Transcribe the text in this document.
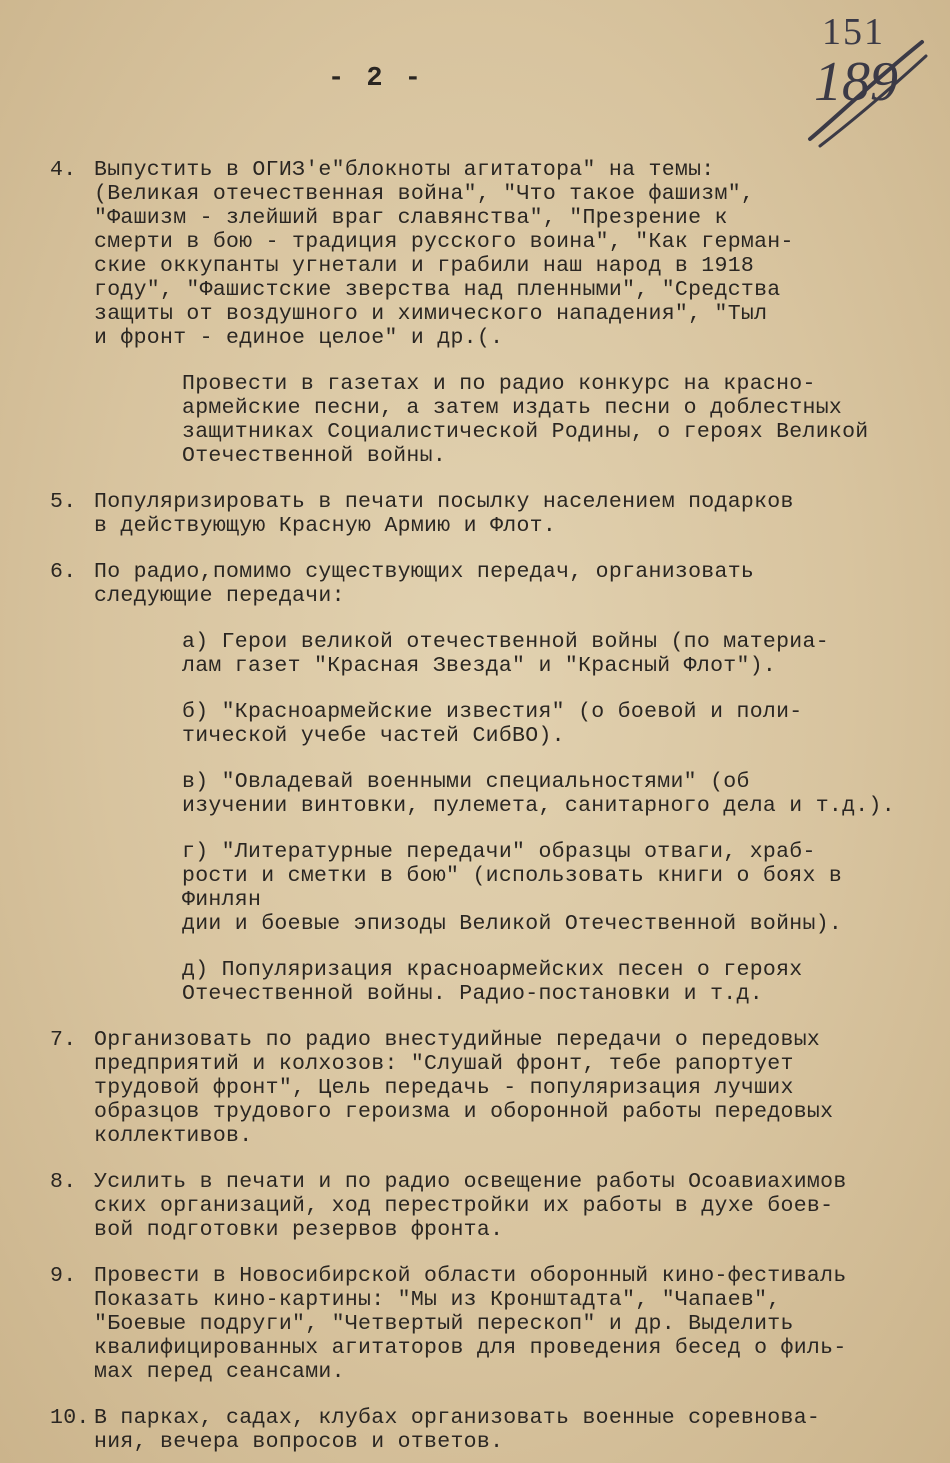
151
189
- 2 -
4. Выпустить в ОГИЗ'е"блокноты агитатора" на темы:
(Великая отечественная война", "Что такое фашизм",
"Фашизм - злейший враг славянства", "Презрение к
смерти в бою - традиция русского воина", "Как герман-
ские оккупанты угнетали и грабили наш народ в 1918
году", "Фашистские зверства над пленными", "Средства
защиты от воздушного и химического нападения", "Тыл
и фронт - единое целое" и др.(.

Провести в газетах и по радио конкурс на красно-
армейские песни, а затем издать песни о доблестных
защитниках Социалистической Родины, о героях Великой
Отечественной войны.

5. Популяризировать в печати посылку населением подарков
в действующую Красную Армию и Флот.

6. По радио,помимо существующих передач, организовать
следующие передачи:

а) Герои великой отечественной войны (по материа-
лам газет "Красная Звезда" и "Красный Флот").

б) "Красноармейские известия" (о боевой и поли-
тической учебе частей СибВО).

в) "Овладевай военными специальностями" (об
изучении винтовки, пулемета, санитарного дела и т.д.).

г) "Литературные передачи" образцы отваги, храб-
рости и сметки в бою" (использовать книги о боях в Финлян
дии и боевые эпизоды Великой Отечественной войны).

д) Популяризация красноармейских песен о героях
Отечественной войны. Радио-постановки и т.д.

7. Организовать по радио внестудийные передачи о передовых
предприятий и колхозов: "Слушай фронт, тебе рапортует
трудовой фронт", Цель передачь - популяризация лучших
образцов трудового героизма и оборонной работы передовых
коллективов.

8. Усилить в печати и по радио освещение работы Осоавиахимов
ских организаций, ход перестройки их работы в духе боев-
вой подготовки резервов фронта.

9. Провести в Новосибирской области оборонный кино-фестиваль
Показать кино-картины: "Мы из Кронштадта", "Чапаев",
"Боевые подруги", "Четвертый перескоп" и др. Выделить
квалифицированных агитаторов для проведения бесед о филь-
мах перед сеансами.

10. В парках, садах, клубах организовать военные соревнова-
ния, вечера вопросов и ответов.
